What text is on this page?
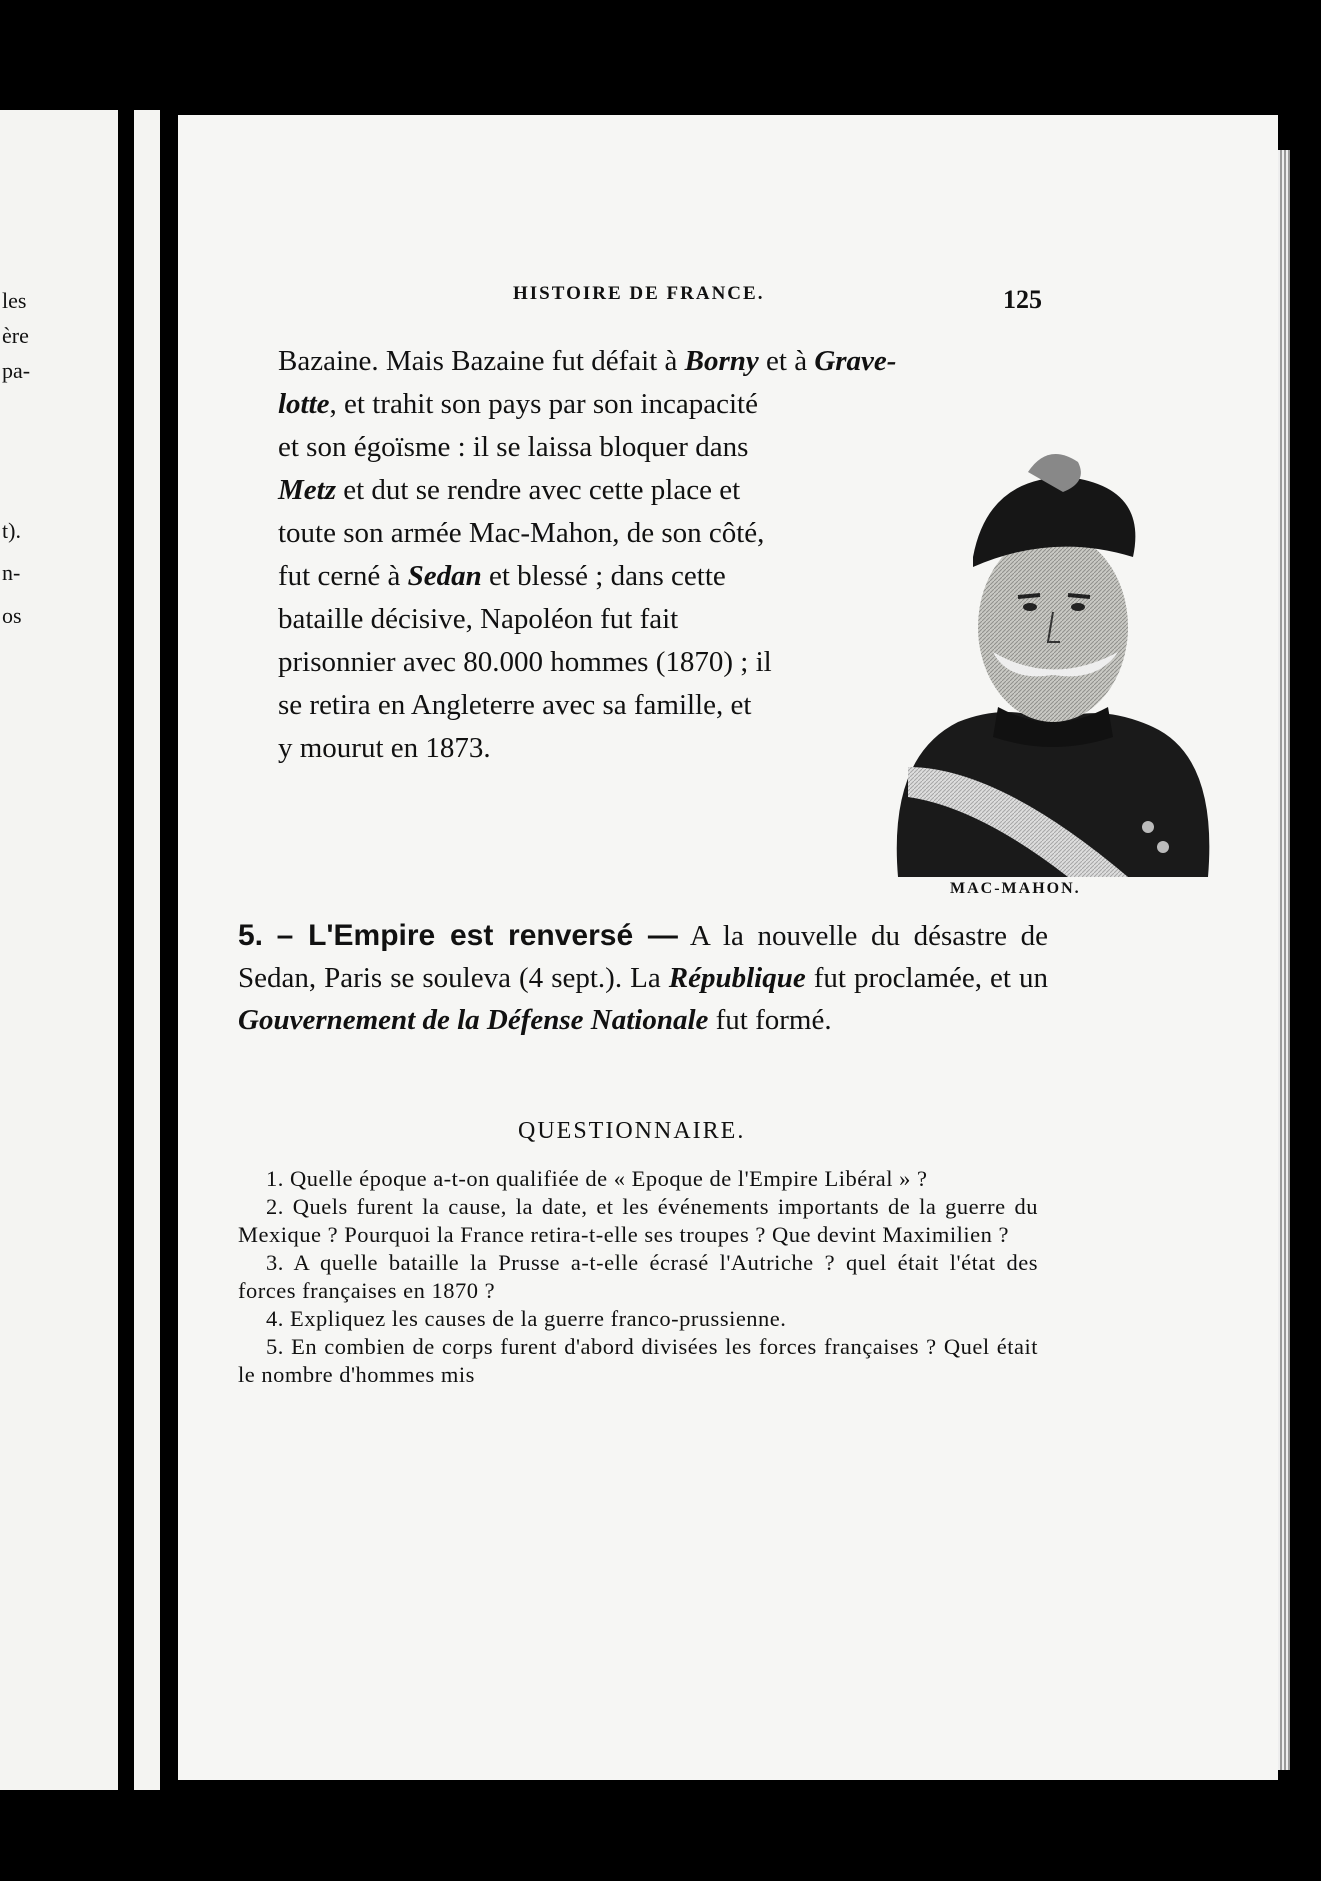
les
ère
pa-
t).
n-
os
HISTOIRE DE FRANCE.	125
Bazaine. Mais Bazaine fut défait à Borny et à Grave-

lotte, et trahit son pays par son incapacité et son égoïsme : il se laissa bloquer dans Metz et dut se rendre avec cette place et toute son armée Mac-Mahon, de son côté, fut cerné à Sedan et blessé ; dans cette bataille décisive, Napoléon fut fait prisonnier avec 80.000 hommes (1870) ; il se retira en Angleterre avec sa famille, et y mourut en 1873.

MAC-MAHON.
5. – L'Empire est renversé — A la nouvelle du désastre de Sedan, Paris se souleva (4 sept.). La République fut proclamée, et un Gouvernement de la Défense Nationale fut formé.
QUESTIONNAIRE.

1. Quelle époque a-t-on qualifiée de « Epoque de l'Empire Libéral » ?

2. Quels furent la cause, la date, et les événements importants de la guerre du Mexique ? Pourquoi la France retira-t-elle ses troupes ? Que devint Maximilien ?

3. A quelle bataille la Prusse a-t-elle écrasé l'Autriche ? quel était l'état des forces françaises en 1870 ?

4. Expliquez les causes de la guerre franco-prussienne.

5. En combien de corps furent d'abord divisées les forces françaises ? Quel était le nombre d'hommes mis
